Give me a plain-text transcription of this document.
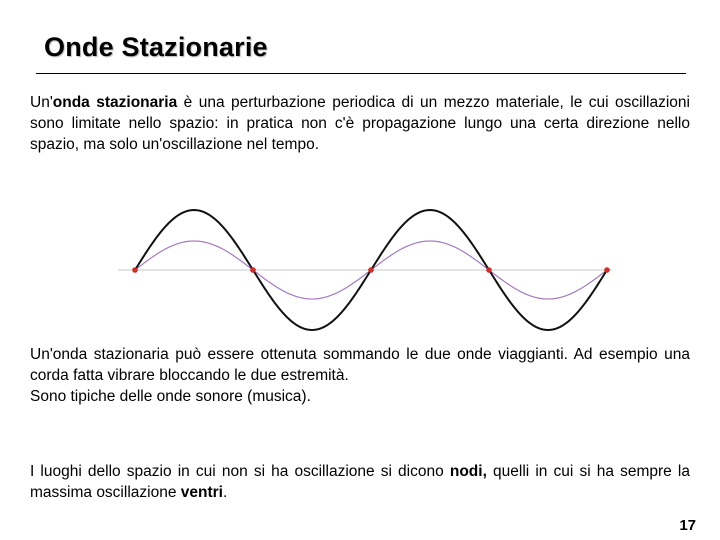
Onde Stazionarie
Un'onda stazionaria è una perturbazione periodica di un mezzo materiale, le cui oscillazioni sono limitate nello spazio: in pratica non c'è propagazione lungo una certa direzione nello spazio, ma solo un'oscillazione nel tempo.
Un'onda stazionaria può essere ottenuta sommando le due onde viaggianti. Ad esempio una corda fatta vibrare bloccando le due estremità.
Sono tipiche delle onde sonore (musica).
I luoghi dello spazio in cui non si ha oscillazione si dicono nodi, quelli in cui si ha sempre la massima oscillazione ventri.
17
